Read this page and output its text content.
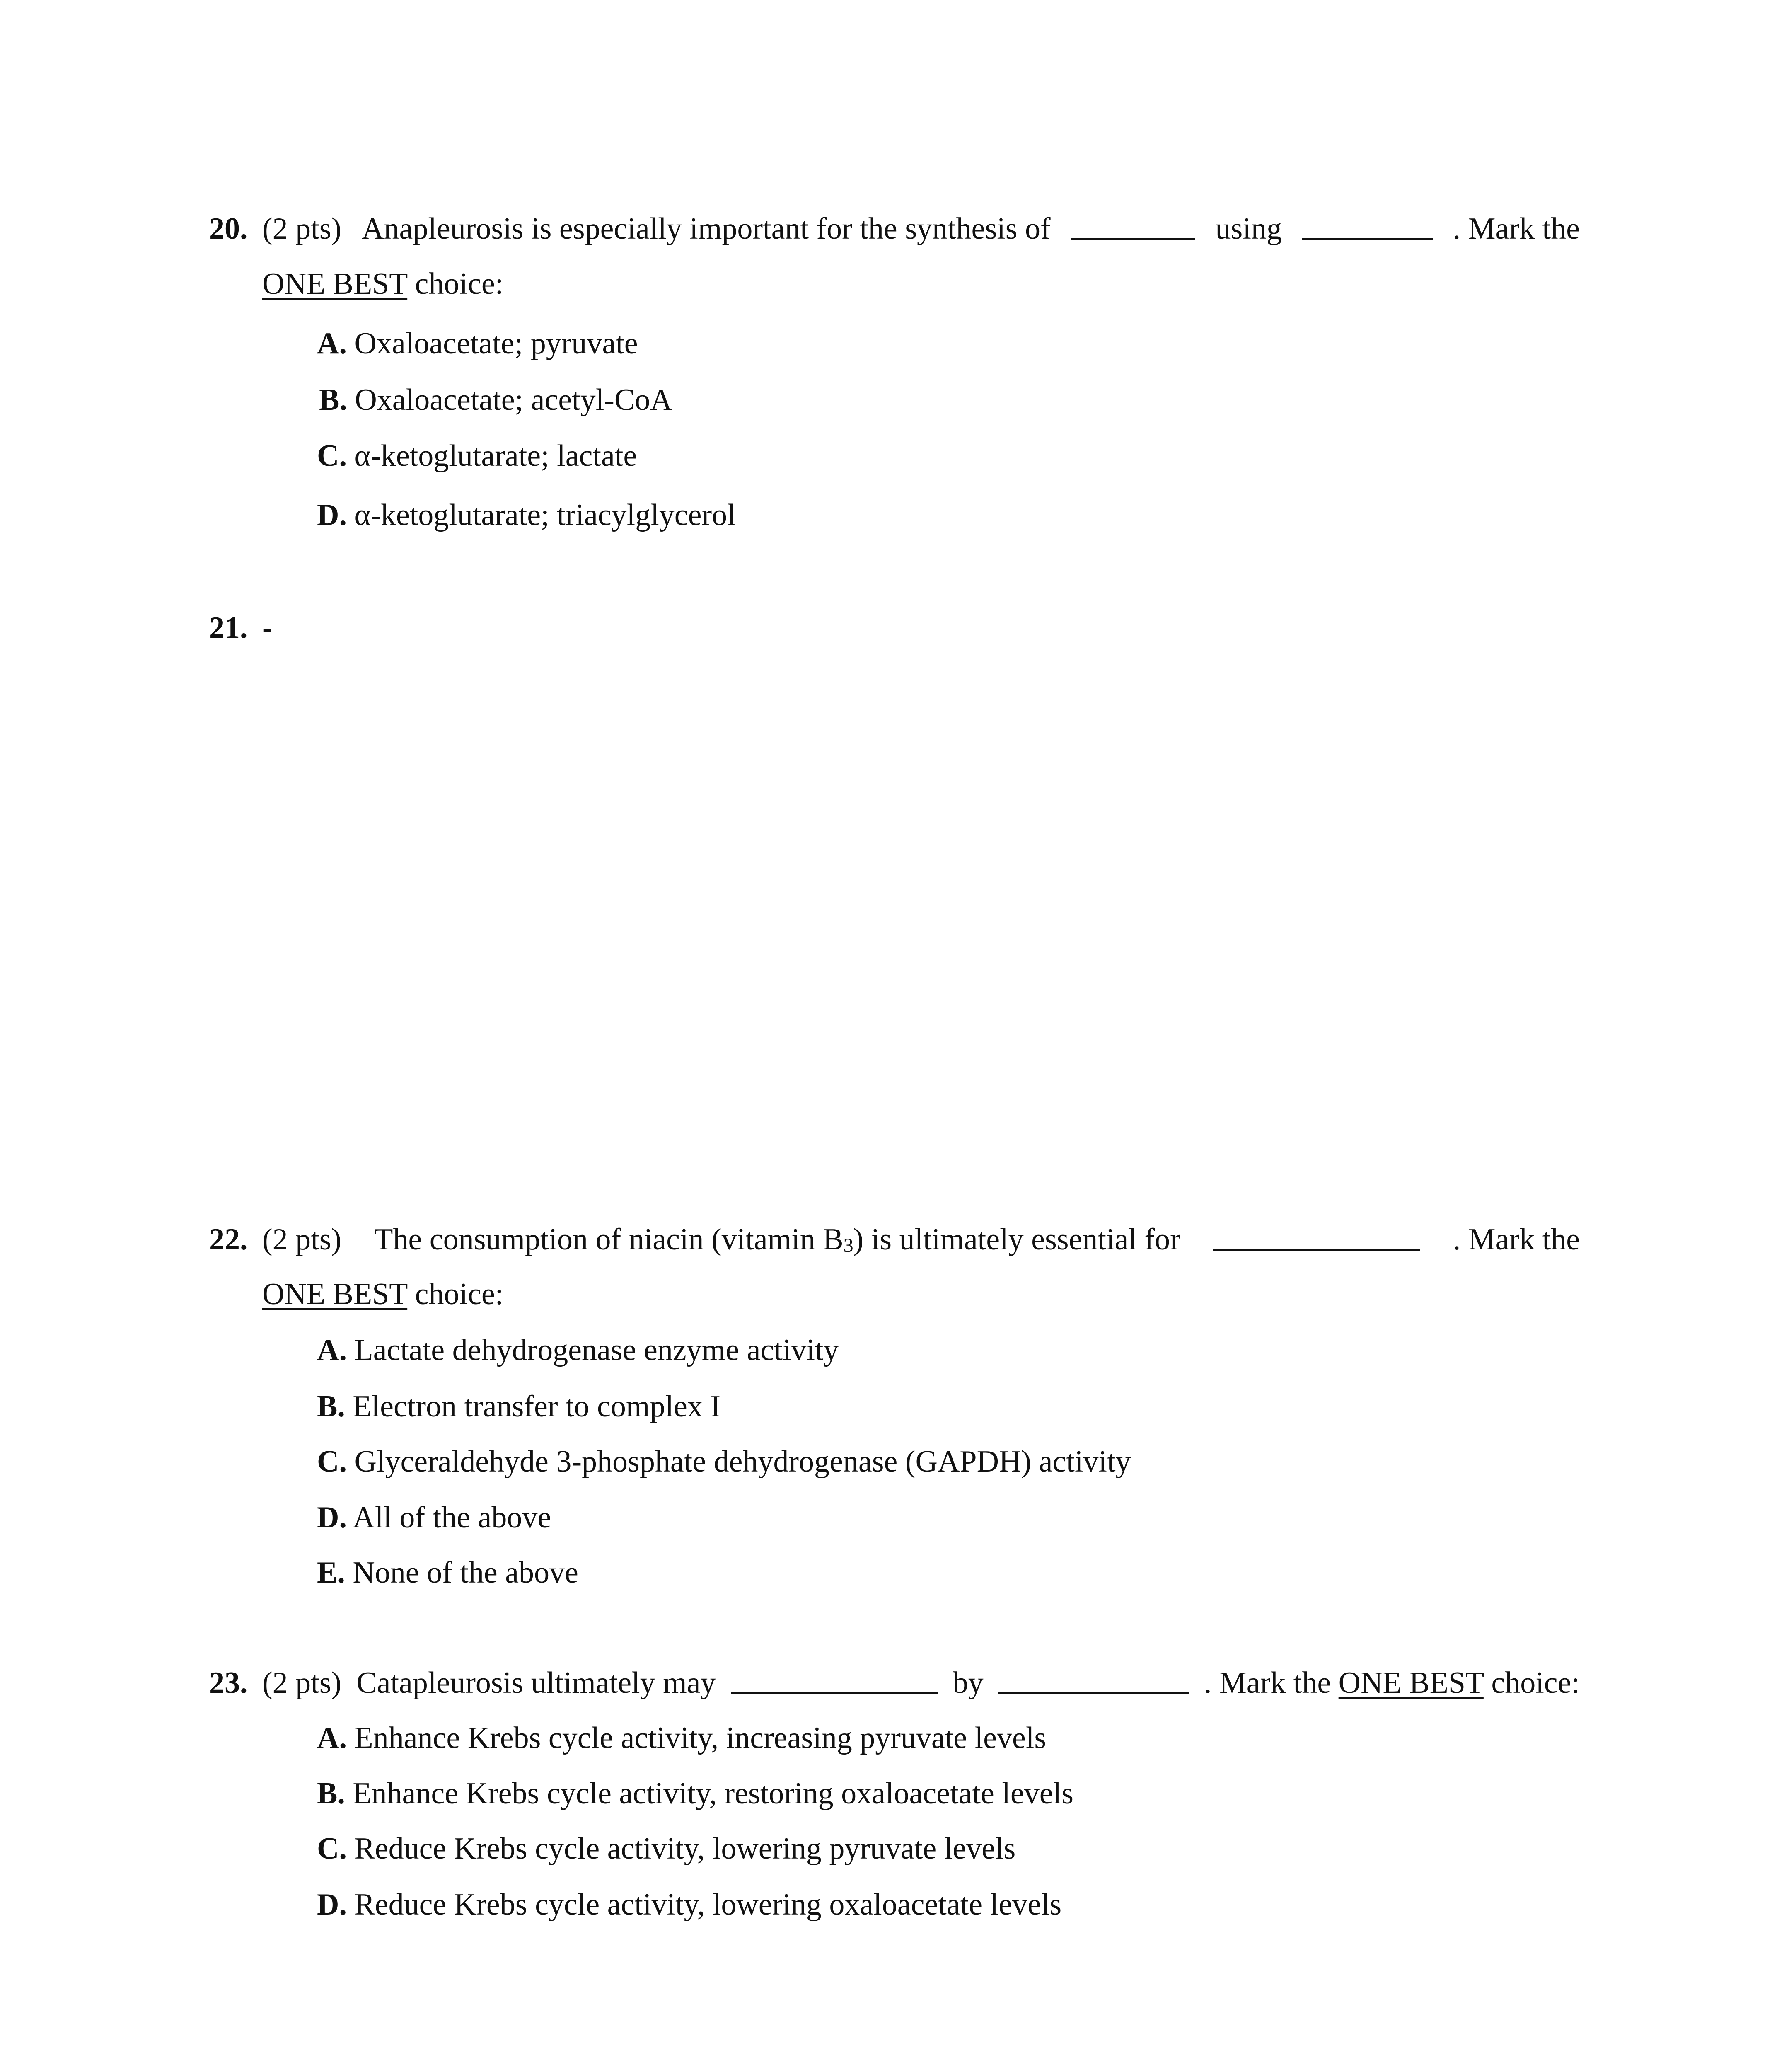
20. (2 pts) Anapleurosis is especially important for the synthesis of	using	. Mark the
ONE BEST choice:
A. Oxaloacetate; pyruvate
B. Oxaloacetate; acetyl-CoA
C. α-ketoglutarate; lactate
D. α-ketoglutarate; triacylglycerol
21. -
22. (2 pts) The consumption of niacin (vitamin $B_3$) is ultimately essential for	. Mark the
ONE BEST choice:
A. Lactate dehydrogenase enzyme activity
B. Electron transfer to complex I
C. Glyceraldehyde 3-phosphate dehydrogenase (GAPDH) activity
D. All of the above
E. None of the above
23. (2 pts) Catapleurosis ultimately may	by	. Mark the ONE BEST choice:
A. Enhance Krebs cycle activity, increasing pyruvate levels
B. Enhance Krebs cycle activity, restoring oxaloacetate levels
C. Reduce Krebs cycle activity, lowering pyruvate levels
D. Reduce Krebs cycle activity, lowering oxaloacetate levels
